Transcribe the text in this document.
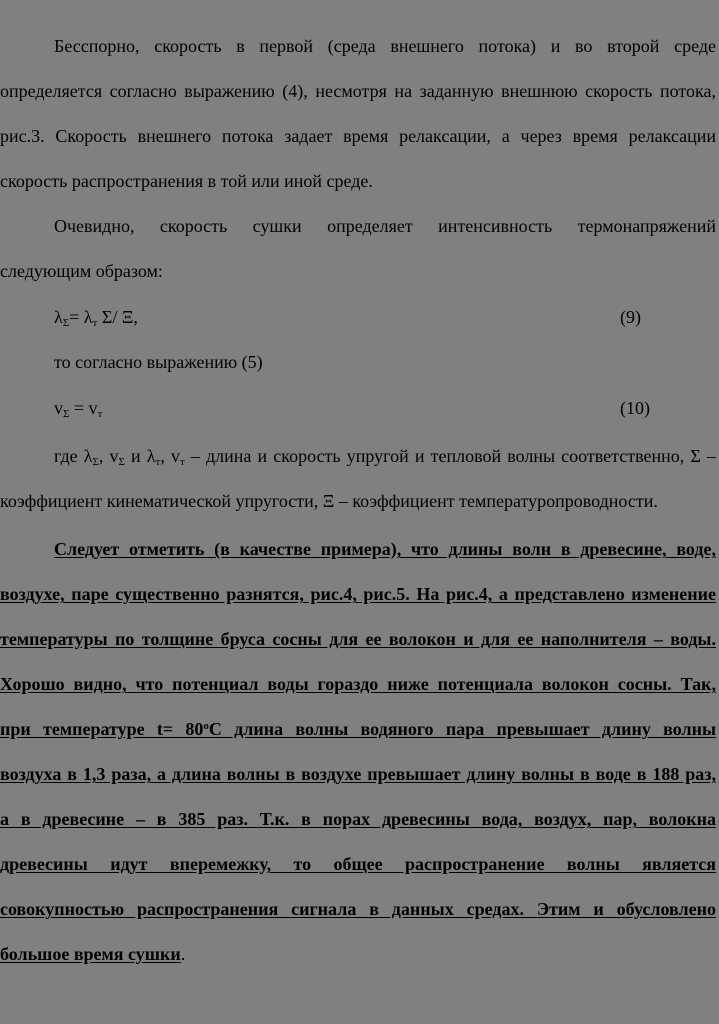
Бесспорно, скорость в первой (среда внешнего потока) и во второй среде
определяется согласно выражению (4), несмотря на заданную внешнюю скорость потока,
рис.3. Скорость внешнего потока задает время релаксации, а через время релаксации
скорость распространения в той или иной среде.
Очевидно, скорость сушки определяет интенсивность термонапряжений
следующим образом:
$\lambda_\Sigma= \lambda_т$ Σ/ Ξ,	(9)
то согласно выражению (5)
$v_\Sigma = v_т$	(10)
где $\lambda_\Sigma$, $v_\Sigma$ и $\lambda_т$, $v_т$ – длина и скорость упругой и тепловой волны соответственно, Σ –
коэффициент кинематической упругости, Ξ – коэффициент температуропроводности.
Следует отметить (в качестве примера), что длины волн в древесине, воде,
воздухе, паре существенно разнятся, рис.4, рис.5. На рис.4, а представлено изменение
температуры по толщине бруса сосны для ее волокон и для ее наполнителя – воды.
Хорошо видно, что потенциал воды гораздо ниже потенциала волокон сосны. Так,
при температуре $t= 80^оС$ длина волны водяного пара превышает длину волны
воздуха в 1,3 раза, а длина волны в воздухе превышает длину волны в воде в 188 раз,
а в древесине – в 385 раз. Т.к. в порах древесины вода, воздух, пар, волокна
древесины идут вперемежку, то общее распространение волны является
совокупностью распространения сигнала в данных средах. Этим и обусловлено
большое время сушки.
